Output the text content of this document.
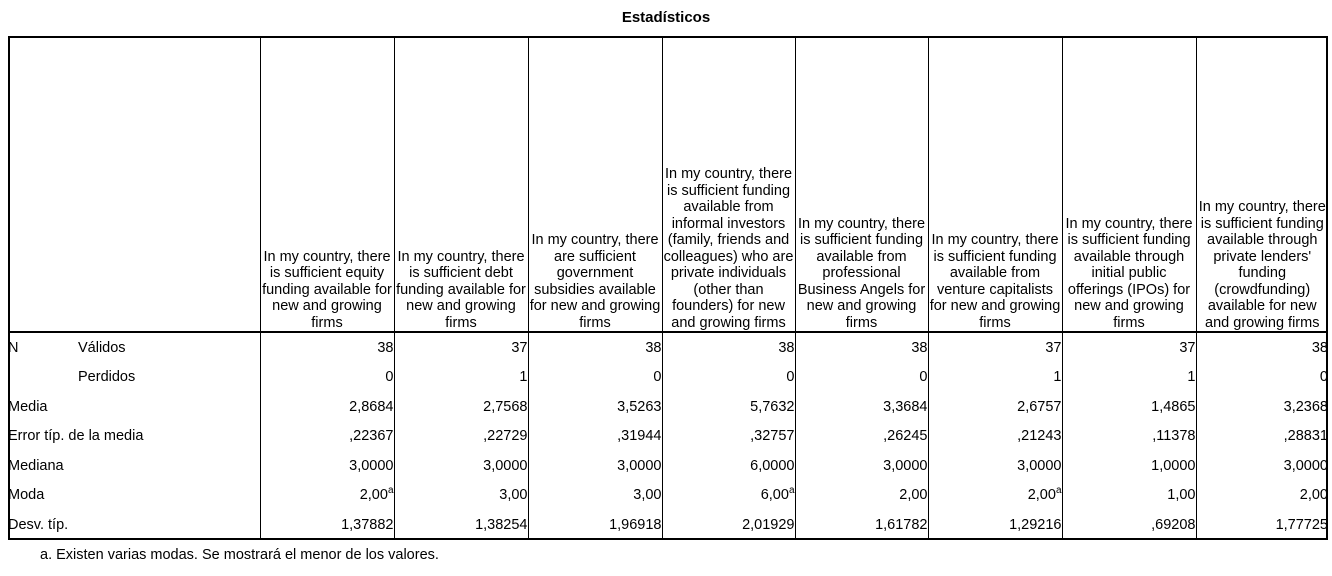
Estadísticos
		In my country, there is sufficient equity funding available for new and growing firms	In my country, there is sufficient debt funding available for new and growing firms	In my country, there are sufficient government subsidies available for new and growing firms	In my country, there is sufficient funding available from informal investors (family, friends and colleagues) who are private individuals (other than founders) for new and growing firms	In my country, there is sufficient funding available from professional Business Angels for new and growing firms	In my country, there is sufficient funding available from venture capitalists for new and growing firms	In my country, there is sufficient funding available through initial public offerings (IPOs) for new and growing firms	In my country, there is sufficient funding available through private lenders' funding (crowdfunding) available for new and growing firms
N	Válidos	38	37	38	38	38	37	37	38
	Perdidos	0	1	0	0	0	1	1	0
Media		2,8684	2,7568	3,5263	5,7632	3,3684	2,6757	1,4865	3,2368
Error típ. de la media		,22367	,22729	,31944	,32757	,26245	,21243	,11378	,28831
Mediana		3,0000	3,0000	3,0000	6,0000	3,0000	3,0000	1,0000	3,0000
Moda		2,00$^a$	3,00	3,00	6,00$^a$	2,00	2,00$^a$	1,00	2,00
Desv. típ.		1,37882	1,38254	1,96918	2,01929	1,61782	1,29216	,69208	1,77725
a. Existen varias modas. Se mostrará el menor de los valores.
